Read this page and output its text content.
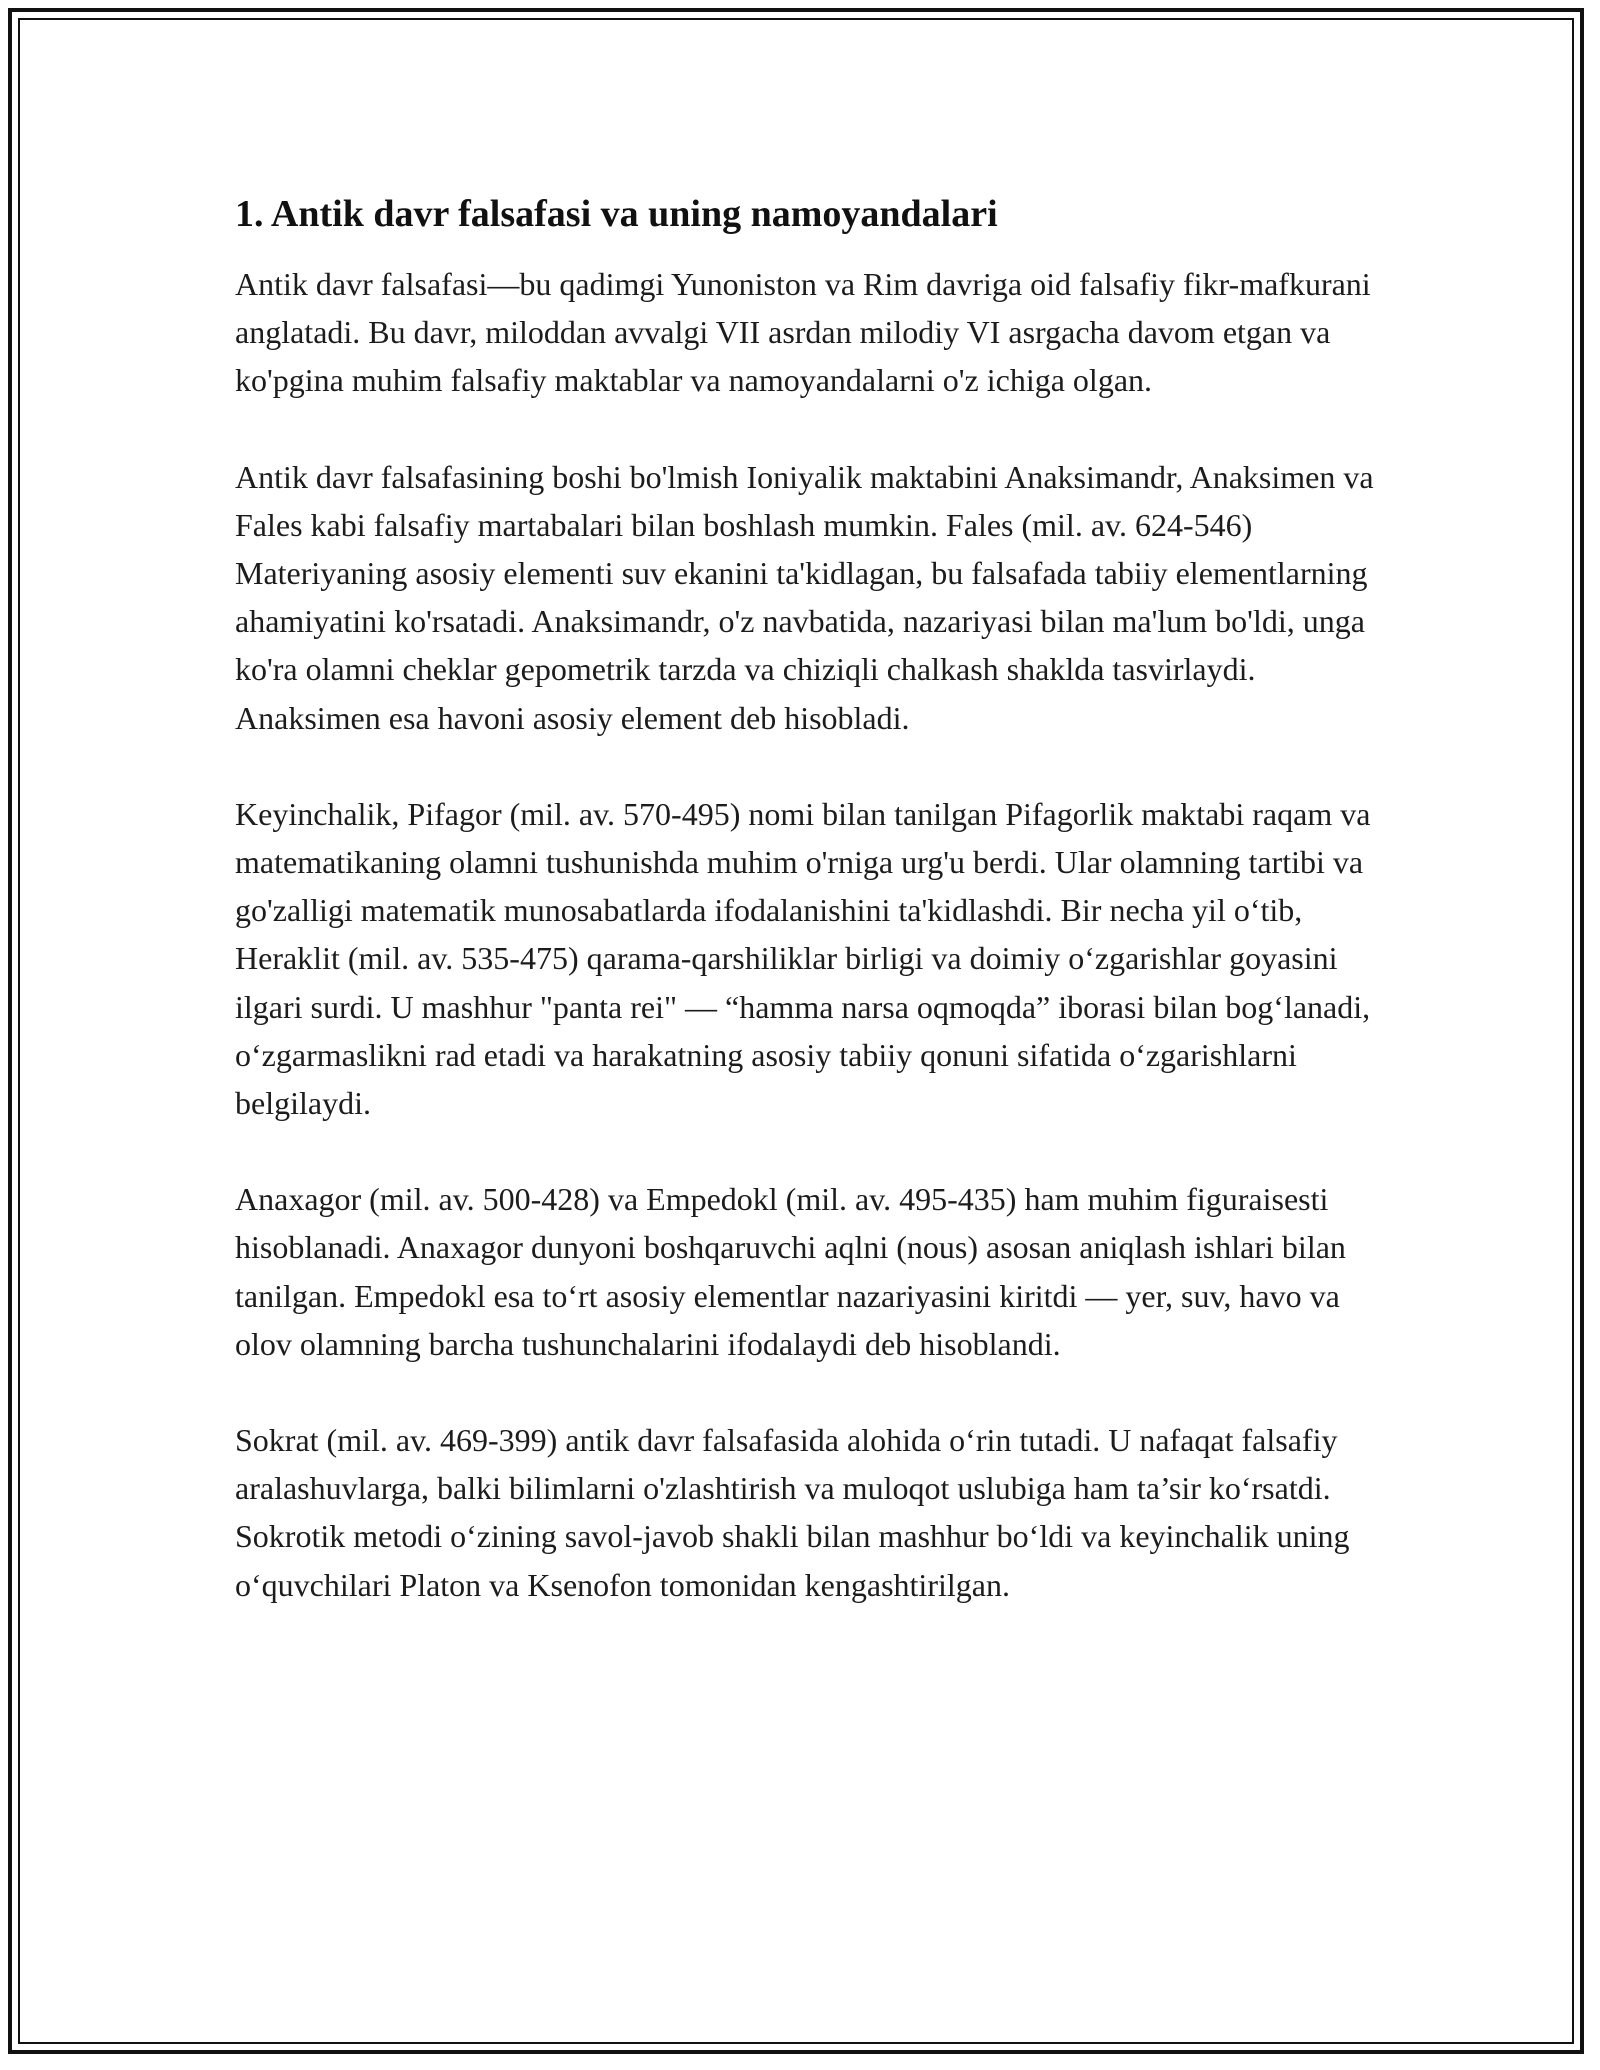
1. Antik davr falsafasi va uning namoyandalari

Antik davr falsafasi—bu qadimgi Yunoniston va Rim davriga oid falsafiy fikr-mafkurani anglatadi. Bu davr, miloddan avvalgi VII asrdan milodiy VI asrgacha davom etgan va ko'pgina muhim falsafiy maktablar va namoyandalarni o'z ichiga olgan.

Antik davr falsafasining boshi bo'lmish Ioniyalik maktabini Anaksimandr, Anaksimen va Fales kabi falsafiy martabalari bilan boshlash mumkin. Fales (mil. av. 624-546) Materiyaning asosiy elementi suv ekanini ta'kidlagan, bu falsafada tabiiy elementlarning ahamiyatini ko'rsatadi. Anaksimandr, o'z navbatida, nazariyasi bilan ma'lum bo'ldi, unga ko'ra olamni cheklar gepometrik tarzda va chiziqli chalkash shaklda tasvirlaydi. Anaksimen esa havoni asosiy element deb hisobladi.

Keyinchalik, Pifagor (mil. av. 570-495) nomi bilan tanilgan Pifagorlik maktabi raqam va matematikaning olamni tushunishda muhim o'rniga urg'u berdi. Ular olamning tartibi va go'zalligi matematik munosabatlarda ifodalanishini ta'kidlashdi. Bir necha yil o‘tib, Heraklit (mil. av. 535-475) qarama-qarshiliklar birligi va doimiy o‘zgarishlar goyasini ilgari surdi. U mashhur "panta rei" — “hamma narsa oqmoqda” iborasi bilan bog‘lanadi, o‘zgarmaslikni rad etadi va harakatning asosiy tabiiy qonuni sifatida o‘zgarishlarni belgilaydi.

Anaxagor (mil. av. 500-428) va Empedokl (mil. av. 495-435) ham muhim figuraisesti hisoblanadi. Anaxagor dunyoni boshqaruvchi aqlni (nous) asosan aniqlash ishlari bilan tanilgan. Empedokl esa to‘rt asosiy elementlar nazariyasini kiritdi — yer, suv, havo va olov olamning barcha tushunchalarini ifodalaydi deb hisoblandi.

Sokrat (mil. av. 469-399) antik davr falsafasida alohida o‘rin tutadi. U nafaqat falsafiy aralashuvlarga, balki bilimlarni o'zlashtirish va muloqot uslubiga ham ta’sir ko‘rsatdi. Sokrotik metodi o‘zining savol-javob shakli bilan mashhur bo‘ldi va keyinchalik uning o‘quvchilari Platon va Ksenofon tomonidan kengashtirilgan.
